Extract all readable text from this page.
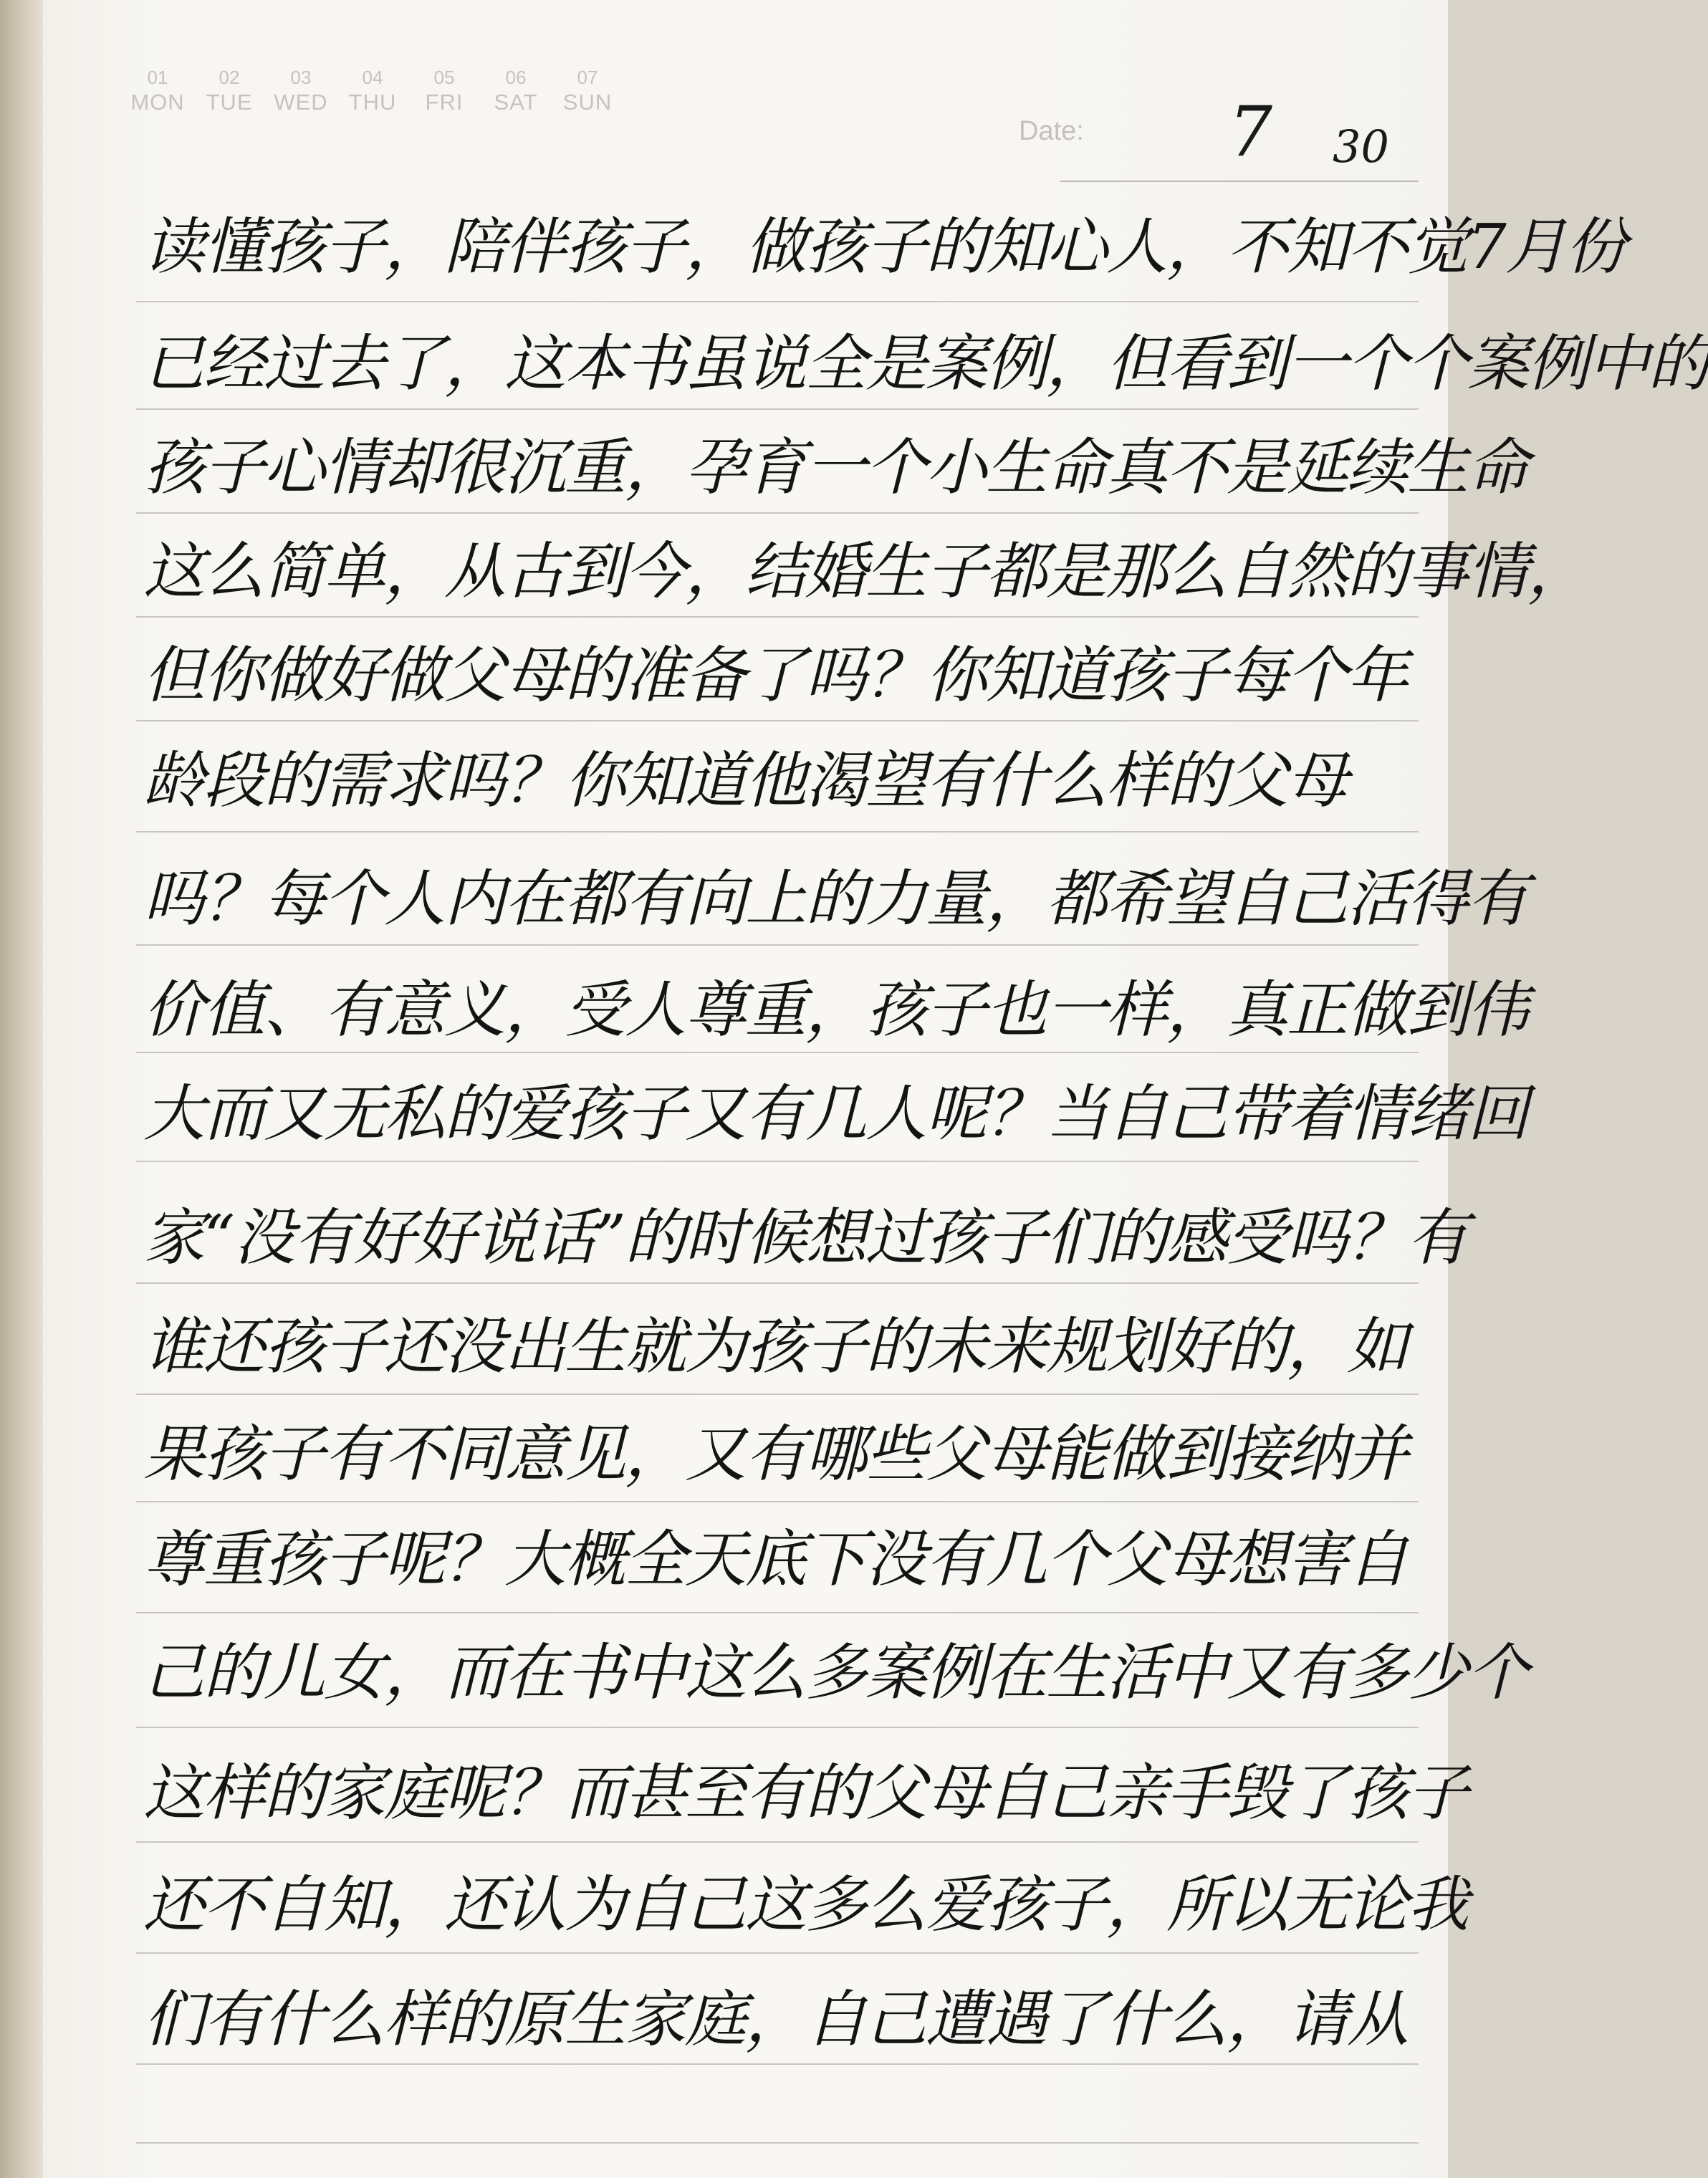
01
MON
02
TUE
03
WED
04
THU
05
FRI
06
SAT
07
SUN
Date: 7 30
读懂孩子，陪伴孩子，做孩子的知心人，不知不觉7月份
已经过去了，这本书虽说全是案例，但看到一个个案例中的
孩子心情却很沉重，孕育一个小生命真不是延续生命
这么简单，从古到今，结婚生子都是那么自然的事情，
但你做好做父母的准备了吗？你知道孩子每个年
龄段的需求吗？你知道他渴望有什么样的父母
吗？每个人内在都有向上的力量，都希望自己活得有
价值、有意义，受人尊重，孩子也一样，真正做到伟
大而又无私的爱孩子又有几人呢？当自己带着情绪回
家“没有好好说话”的时候想过孩子们的感受吗？有
谁还孩子还没出生就为孩子的未来规划好的，如
果孩子有不同意见，又有哪些父母能做到接纳并
尊重孩子呢？大概全天底下没有几个父母想害自
己的儿女，而在书中这么多案例在生活中又有多少个
这样的家庭呢？而甚至有的父母自己亲手毁了孩子
还不自知，还认为自己这多么爱孩子，所以无论我
们有什么样的原生家庭，自己遭遇了什么，请从
